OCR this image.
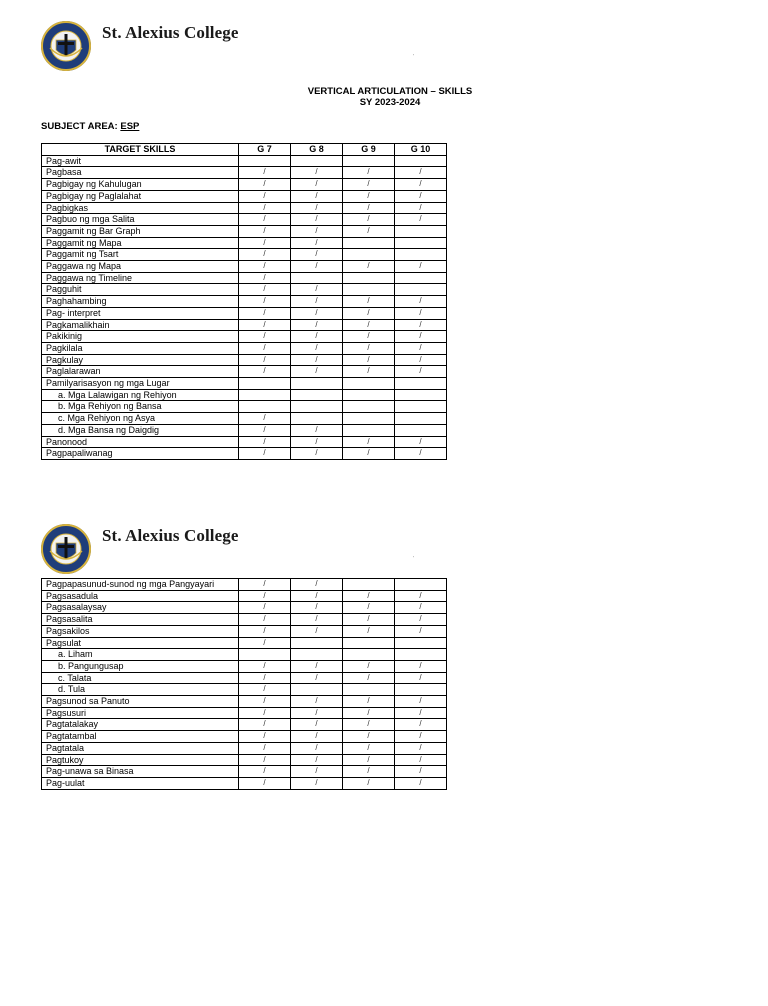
St. Alexius College
'
VERTICAL ARTICULATION – SKILLS
SY 2023-2024
SUBJECT AREA: ESP
TARGET SKILLS	G 7	G 8	G 9	G 10
Pag-awit				
Pagbasa	/	/	/	/
Pagbigay ng Kahulugan	/	/	/	/
Pagbigay ng Paglalahat	/	/	/	/
Pagbigkas	/	/	/	/
Pagbuo ng mga Salita	/	/	/	/
Paggamit ng Bar Graph	/	/	/	
Paggamit ng Mapa	/	/		
Paggamit ng Tsart	/	/		
Paggawa ng Mapa	/	/	/	/
Paggawa ng Timeline	/			
Pagguhit	/	/		
Paghahambing	/	/	/	/
Pag- interpret	/	/	/	/
Pagkamalikhain	/	/	/	/
Pakikinig	/	/	/	/
Pagkilala	/	/	/	/
Pagkulay	/	/	/	/
Paglalarawan	/	/	/	/
Pamilyarisasyon ng mga Lugar				
a. Mga Lalawigan ng Rehiyon				
b. Mga Rehiyon ng Bansa				
c. Mga Rehiyon ng Asya	/			
d. Mga Bansa ng Daigdig	/	/		
Panonood	/	/	/	/
Pagpapaliwanag	/	/	/	/
St. Alexius College
'
Pagpapasunud-sunod ng mga Pangyayari	/	/		
Pagsasadula	/	/	/	/
Pagsasalaysay	/	/	/	/
Pagsasalita	/	/	/	/
Pagsakilos	/	/	/	/
Pagsulat	/			
a. Liham				
b. Pangungusap	/	/	/	/
c. Talata	/	/	/	/
d. Tula	/			
Pagsunod sa Panuto	/	/	/	/
Pagsusuri	/	/	/	/
Pagtatalakay	/	/	/	/
Pagtatambal	/	/	/	/
Pagtatala	/	/	/	/
Pagtukoy	/	/	/	/
Pag-unawa sa Binasa	/	/	/	/
Pag-uulat	/	/	/	/
